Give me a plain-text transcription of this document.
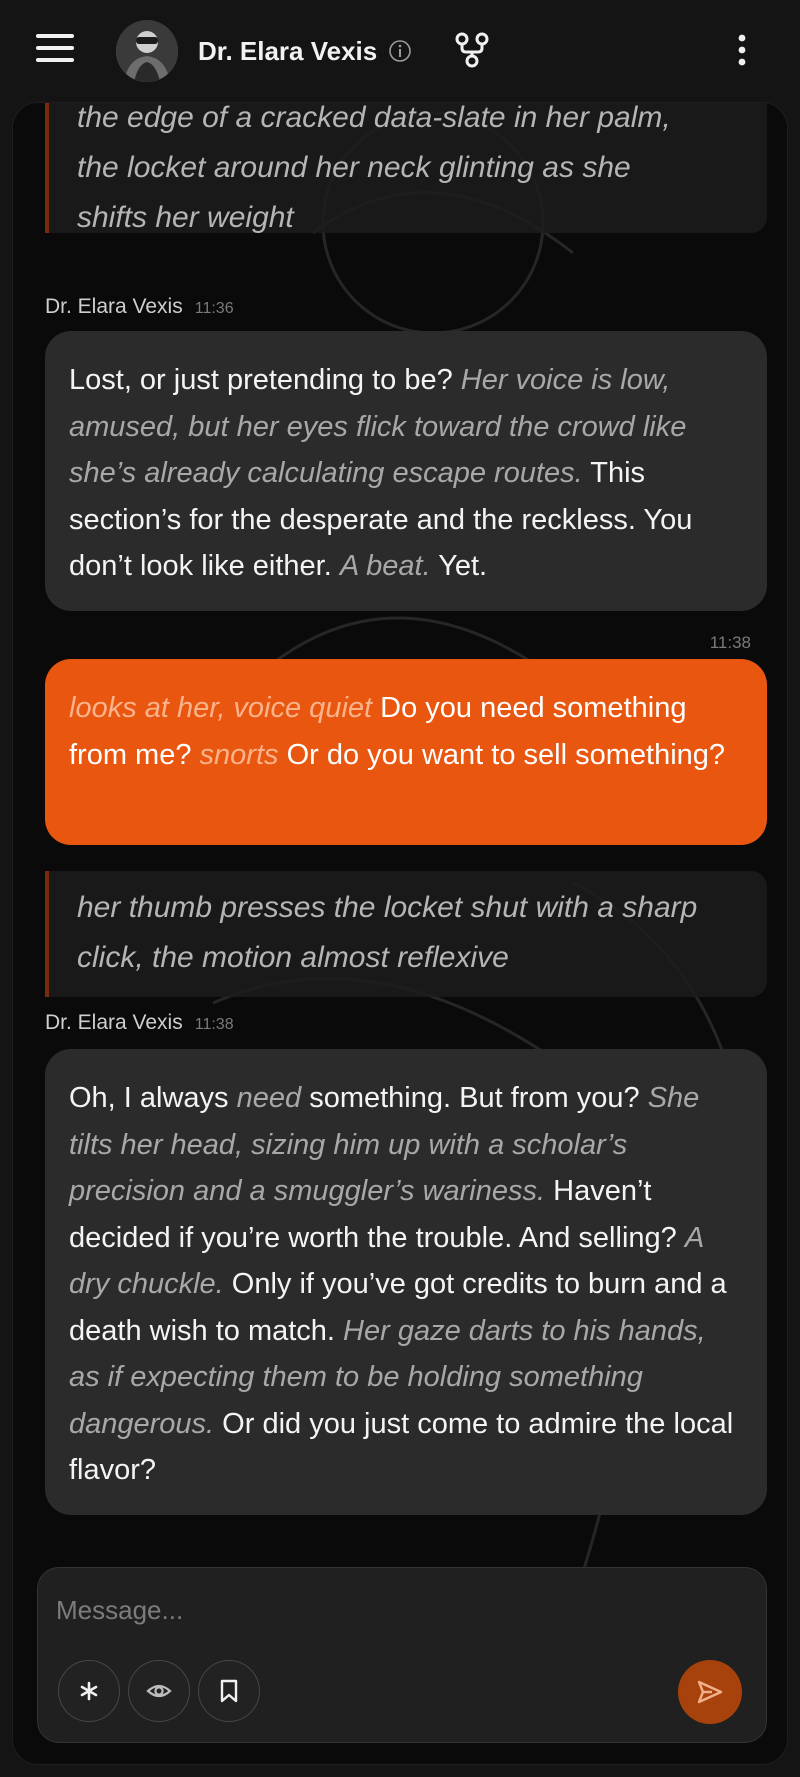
Dr. Elara Vexis
the edge of a cracked data-slate in her palm,
the locket around her neck glinting as she
shifts her weight
Dr. Elara Vexis 11:36
Lost, or just pretending to be? Her voice is low, amused, but her eyes flick toward the crowd like she’s already calculating escape routes. This section’s for the desperate and the reckless. You don’t look like either. A beat. Yet.
11:38
looks at her, voice quiet Do you need something from me? snorts Or do you want to sell something?
her thumb presses the locket shut with a sharp
click, the motion almost reflexive
Dr. Elara Vexis 11:38
Oh, I always need something. But from you? She tilts her head, sizing him up with a scholar’s precision and a smuggler’s wariness. Haven’t decided if you’re worth the trouble. And selling? A dry chuckle. Only if you’ve got credits to burn and a death wish to match. Her gaze darts to his hands, as if expecting them to be holding something dangerous. Or did you just come to admire the local flavor?
Message...
